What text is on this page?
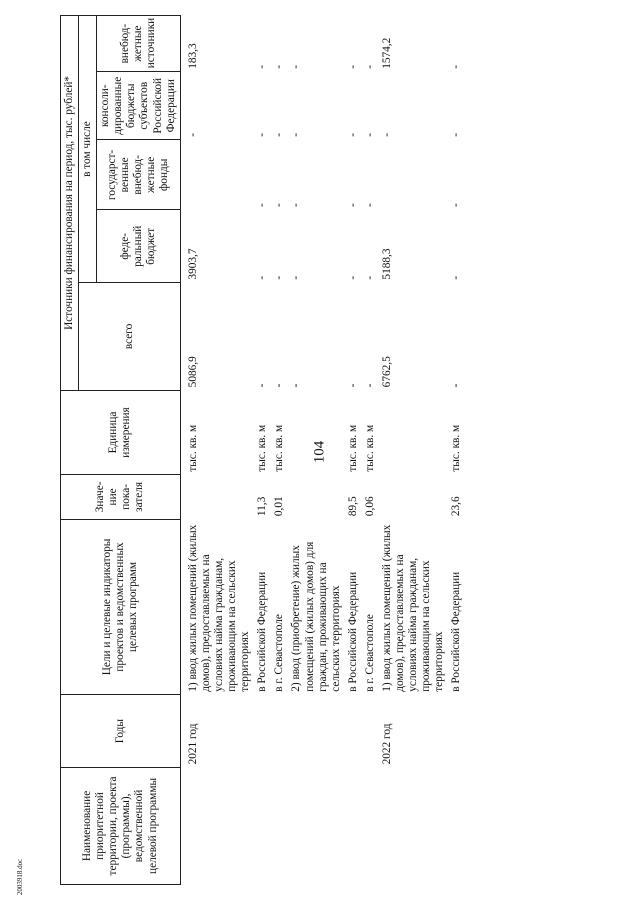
104
2003918.doc
Наименование приоритетной территории, проекта (программы), ведомственной целевой программы	Годы	Цели и целевые индикаторы проектов и ведомственных целевых программ	Значе-ние пока-зателя	Единица измерения	Источники финансирования на период, тыс. рублей*				
					всего	в том числе			
						феде-ральный бюджет	государст-венные внебюд-жетные фонды	консоли-дированные бюджеты субъектов Российской Федерации	внебюд-жетные источники
	2021 год	1) ввод жилых помещений (жилых домов), предоставляемых на условиях найма гражданам, проживающим на сельских территориях		тыс. кв. м	5086,9	3903,7		-	183,3
		в Российской Федерации	11,3	тыс. кв. м	-	-	-	-	-
		в г. Севастополе	0,01	тыс. кв. м	-	-	-	-	-
		2) ввод (приобретение) жилых помещений (жилых домов) для граждан, проживающих на сельских территориях			-	-	-	-	-
		в Российской Федерации	89,5	тыс. кв. м	-	-	-	-	-
		в г. Севастополе	0,06	тыс. кв. м	-	-	-	-	-
	2022 год	1) ввод жилых помещений (жилых домов), предоставляемых на условиях найма гражданам, проживающим на сельских территориях			6762,5	5188,3		-	1574,2
		в Российской Федерации	23,6	тыс. кв. м	-	-	-	-	-
